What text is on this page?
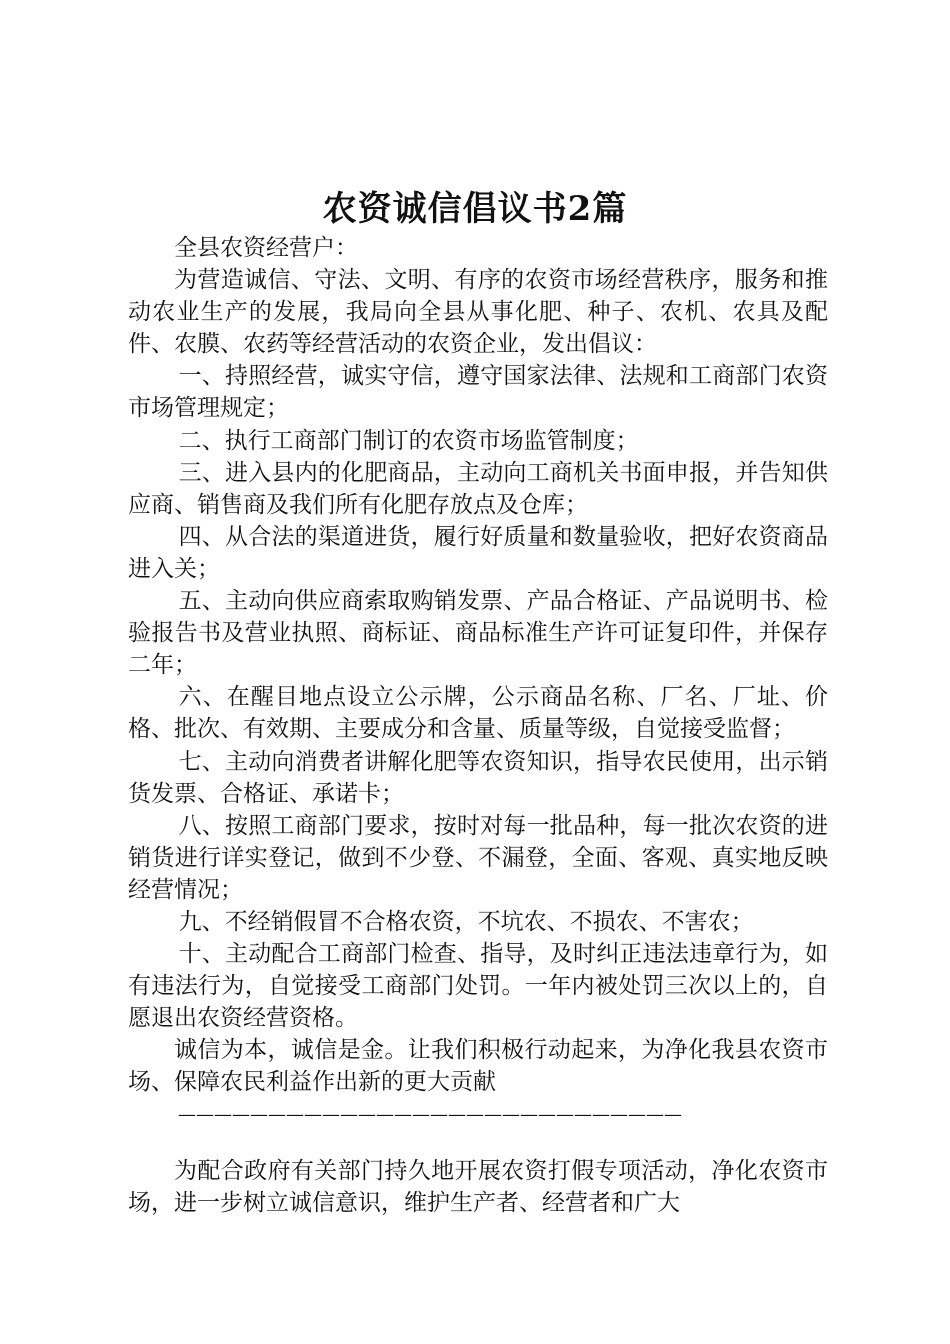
农资诚信倡议书2篇

全县农资经营户：

为营造诚信、守法、文明、有序的农资市场经营秩序，服务和推动农业生产的发展，我局向全县从事化肥、种子、农机、农具及配件、农膜、农药等经营活动的农资企业，发出倡议：

一、持照经营，诚实守信，遵守国家法律、法规和工商部门农资市场管理规定；

二、执行工商部门制订的农资市场监管制度；

三、进入县内的化肥商品，主动向工商机关书面申报，并告知供应商、销售商及我们所有化肥存放点及仓库；

四、从合法的渠道进货，履行好质量和数量验收，把好农资商品进入关；

五、主动向供应商索取购销发票、产品合格证、产品说明书、检验报告书及营业执照、商标证、商品标准生产许可证复印件，并保存二年；

六、在醒目地点设立公示牌，公示商品名称、厂名、厂址、价格、批次、有效期、主要成分和含量、质量等级，自觉接受监督；

七、主动向消费者讲解化肥等农资知识，指导农民使用，出示销货发票、合格证、承诺卡；

八、按照工商部门要求，按时对每一批品种，每一批次农资的进销货进行详实登记，做到不少登、不漏登，全面、客观、真实地反映经营情况；

九、不经销假冒不合格农资，不坑农、不损农、不害农；

十、主动配合工商部门检查、指导，及时纠正违法违章行为，如有违法行为，自觉接受工商部门处罚。一年内被处罚三次以上的，自愿退出农资经营资格。

诚信为本，诚信是金。让我们积极行动起来，为净化我县农资市场、保障农民利益作出新的更大贡献

————————————————————————————

为配合政府有关部门持久地开展农资打假专项活动，净化农资市场，进一步树立诚信意识，维护生产者、经营者和广大
